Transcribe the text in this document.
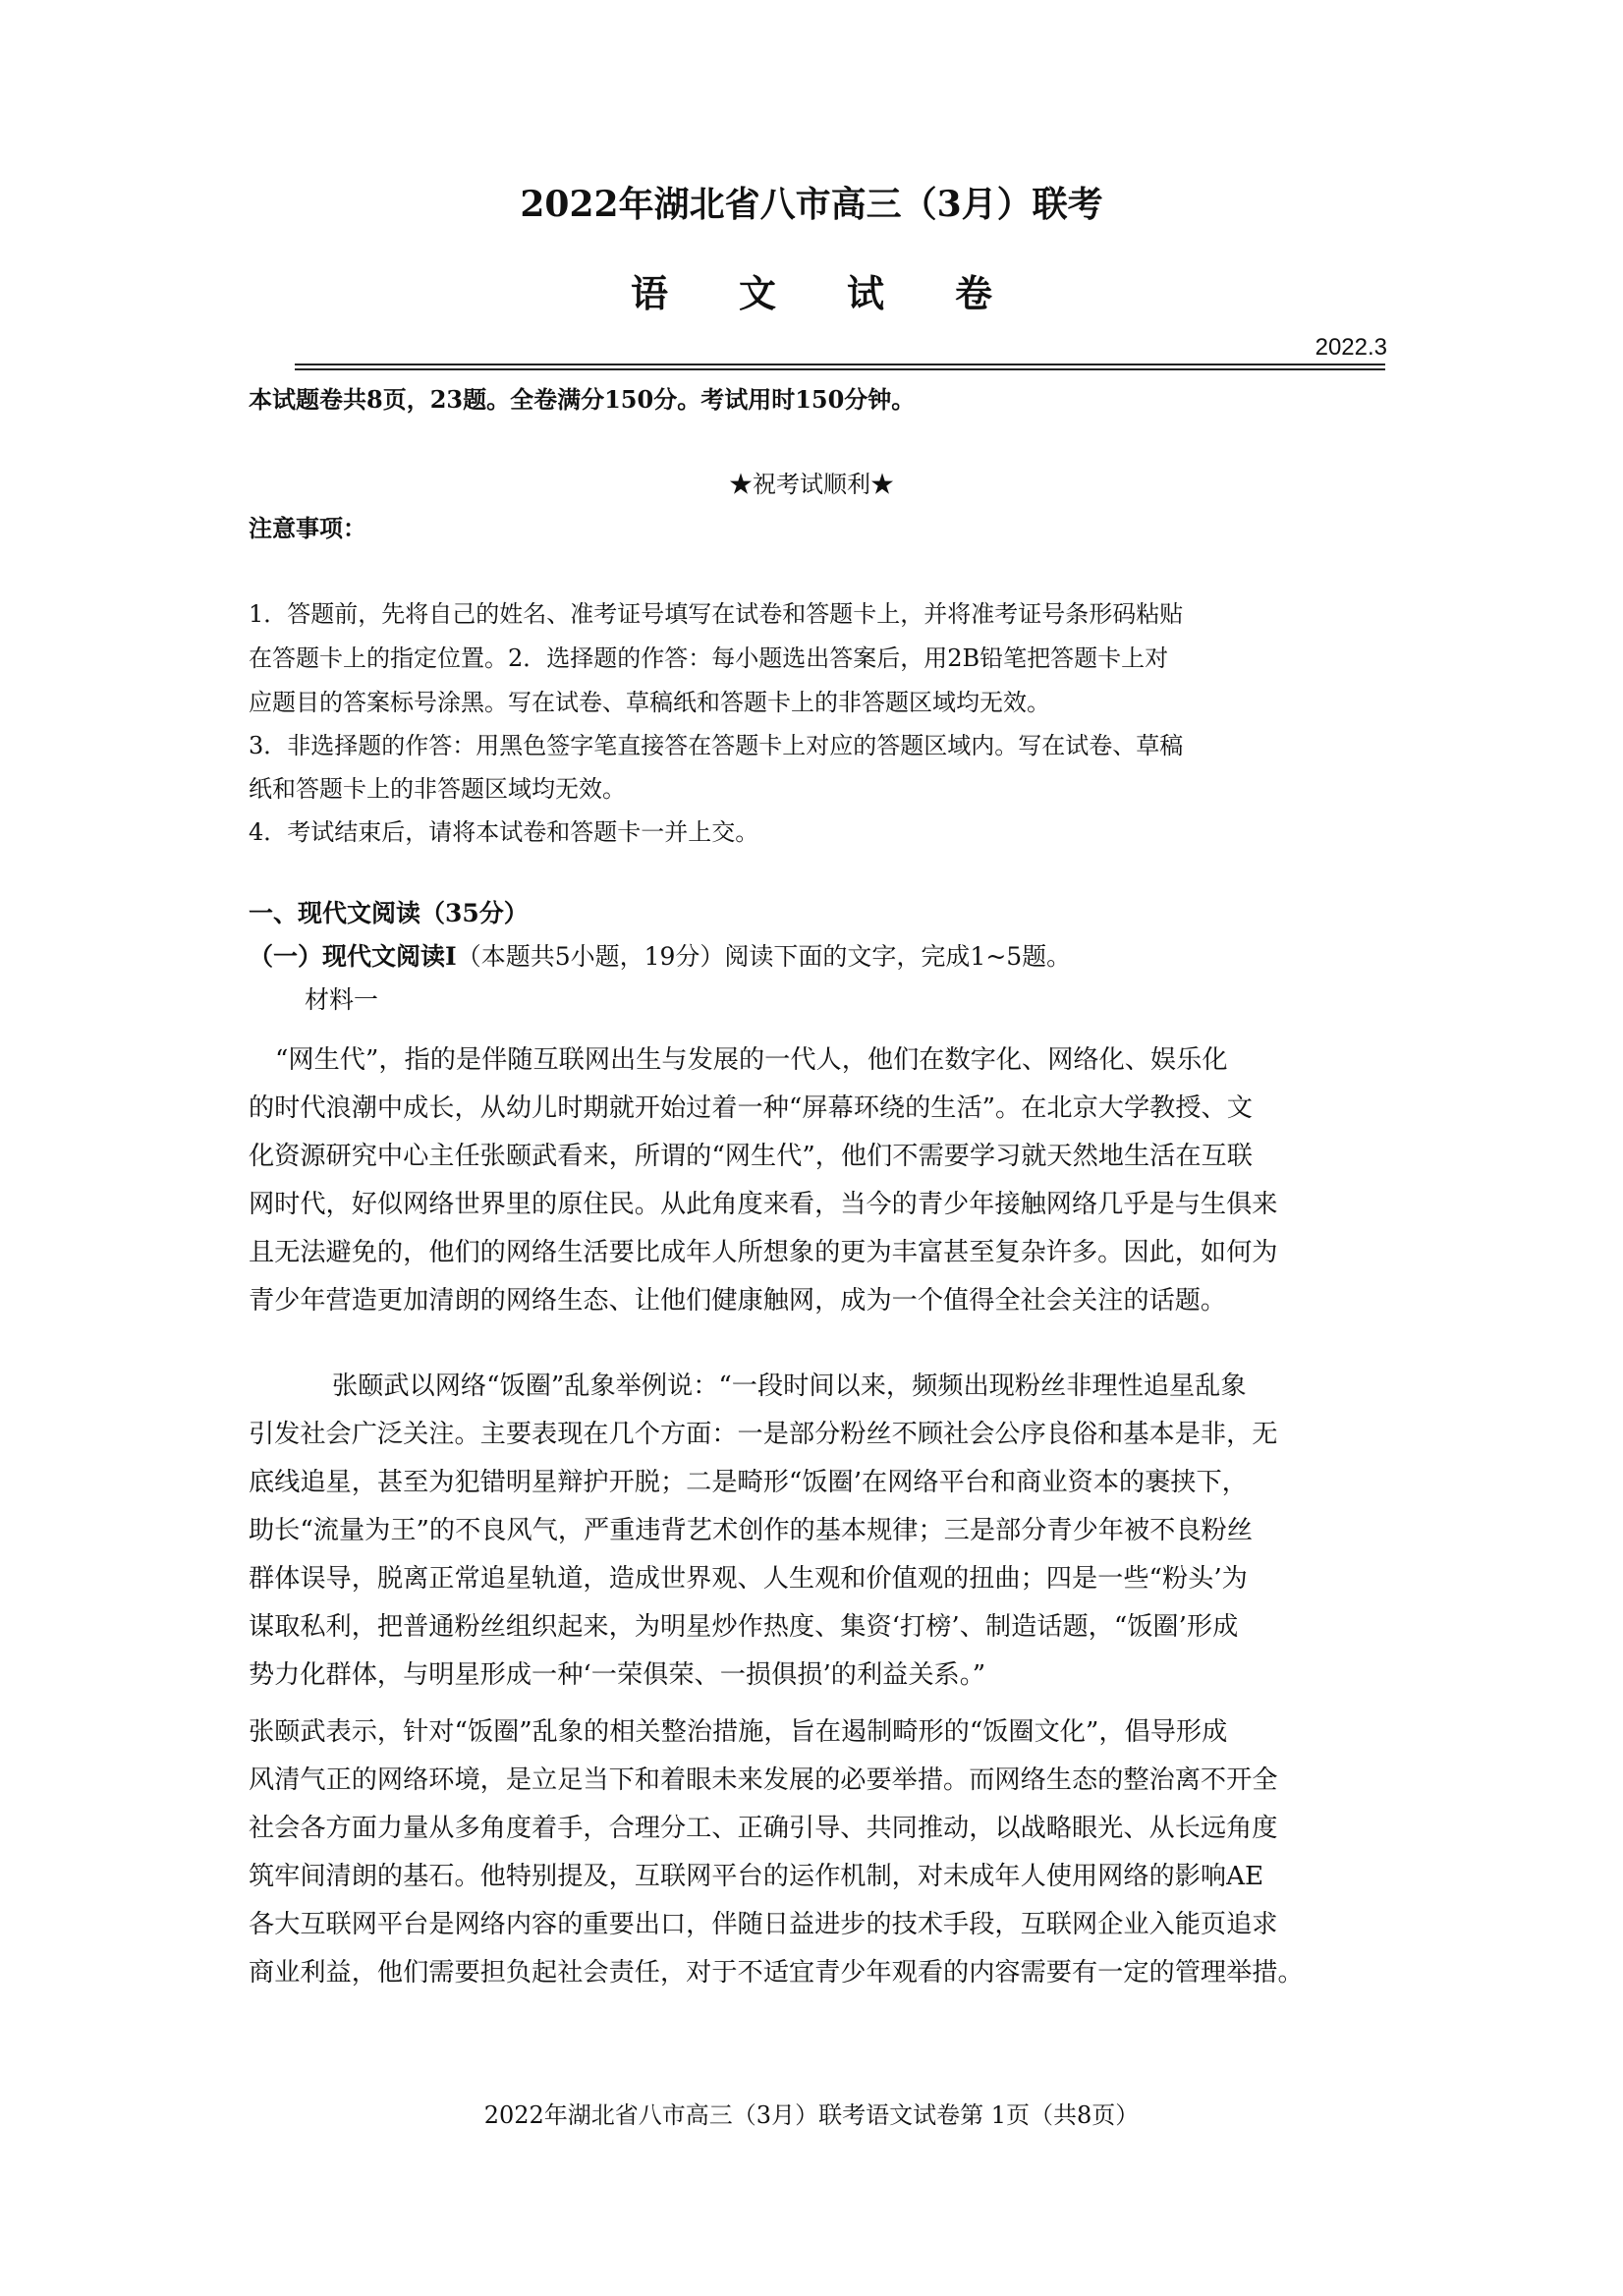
2022年湖北省八市高三（3月）联考
语文试卷
2022.3
本试题卷共8页，23题。全卷满分150分。考试用时150分钟。
★祝考试顺利★
注意事项：
1．答题前，先将自己的姓名、准考证号填写在试卷和答题卡上，并将准考证号条形码粘贴
在答题卡上的指定位置。2．选择题的作答：每小题选出答案后，用2B铅笔把答题卡上对
应题目的答案标号涂黑。写在试卷、草稿纸和答题卡上的非答题区域均无效。
3．非选择题的作答：用黑色签字笔直接答在答题卡上对应的答题区域内。写在试卷、草稿
纸和答题卡上的非答题区域均无效。
4．考试结束后，请将本试卷和答题卡一并上交。
一、现代文阅读（35分）
（一）现代文阅读Ⅰ（本题共5小题，19分）阅读下面的文字，完成1~5题。
材料一
“网生代”，指的是伴随互联网出生与发展的一代人，他们在数字化、网络化、娱乐化
的时代浪潮中成长，从幼儿时期就开始过着一种“屏幕环绕的生活”。在北京大学教授、文
化资源研究中心主任张颐武看来，所谓的“网生代”，他们不需要学习就天然地生活在互联
网时代，好似网络世界里的原住民。从此角度来看，当今的青少年接触网络几乎是与生俱来
且无法避免的，他们的网络生活要比成年人所想象的更为丰富甚至复杂许多。因此，如何为
青少年营造更加清朗的网络生态、让他们健康触网，成为一个值得全社会关注的话题。
张颐武以网络“饭圈”乱象举例说：“一段时间以来，频频出现粉丝非理性追星乱象
引发社会广泛关注。主要表现在几个方面：一是部分粉丝不顾社会公序良俗和基本是非，无
底线追星，甚至为犯错明星辩护开脱；二是畸形“饭圈’在网络平台和商业资本的裹挟下，
助长“流量为王”的不良风气，严重违背艺术创作的基本规律；三是部分青少年被不良粉丝
群体误导，脱离正常追星轨道，造成世界观、人生观和价值观的扭曲；四是一些“粉头’为
谋取私利，把普通粉丝组织起来，为明星炒作热度、集资‘打榜’、制造话题，“饭圈’形成
势力化群体，与明星形成一种‘一荣俱荣、一损俱损’的利益关系。”
张颐武表示，针对“饭圈”乱象的相关整治措施，旨在遏制畸形的“饭圈文化”，倡导形成
风清气正的网络环境，是立足当下和着眼未来发展的必要举措。而网络生态的整治离不开全
社会各方面力量从多角度着手，合理分工、正确引导、共同推动，以战略眼光、从长远角度
筑牢间清朗的基石。他特别提及，互联网平台的运作机制，对未成年人使用网络的影响AE
各大互联网平台是网络内容的重要出口，伴随日益进步的技术手段，互联网企业入能页追求
商业利益，他们需要担负起社会责任，对于不适宜青少年观看的内容需要有一定的管理举措。
2022年湖北省八市高三（3月）联考语文试卷第 1页（共8页）
